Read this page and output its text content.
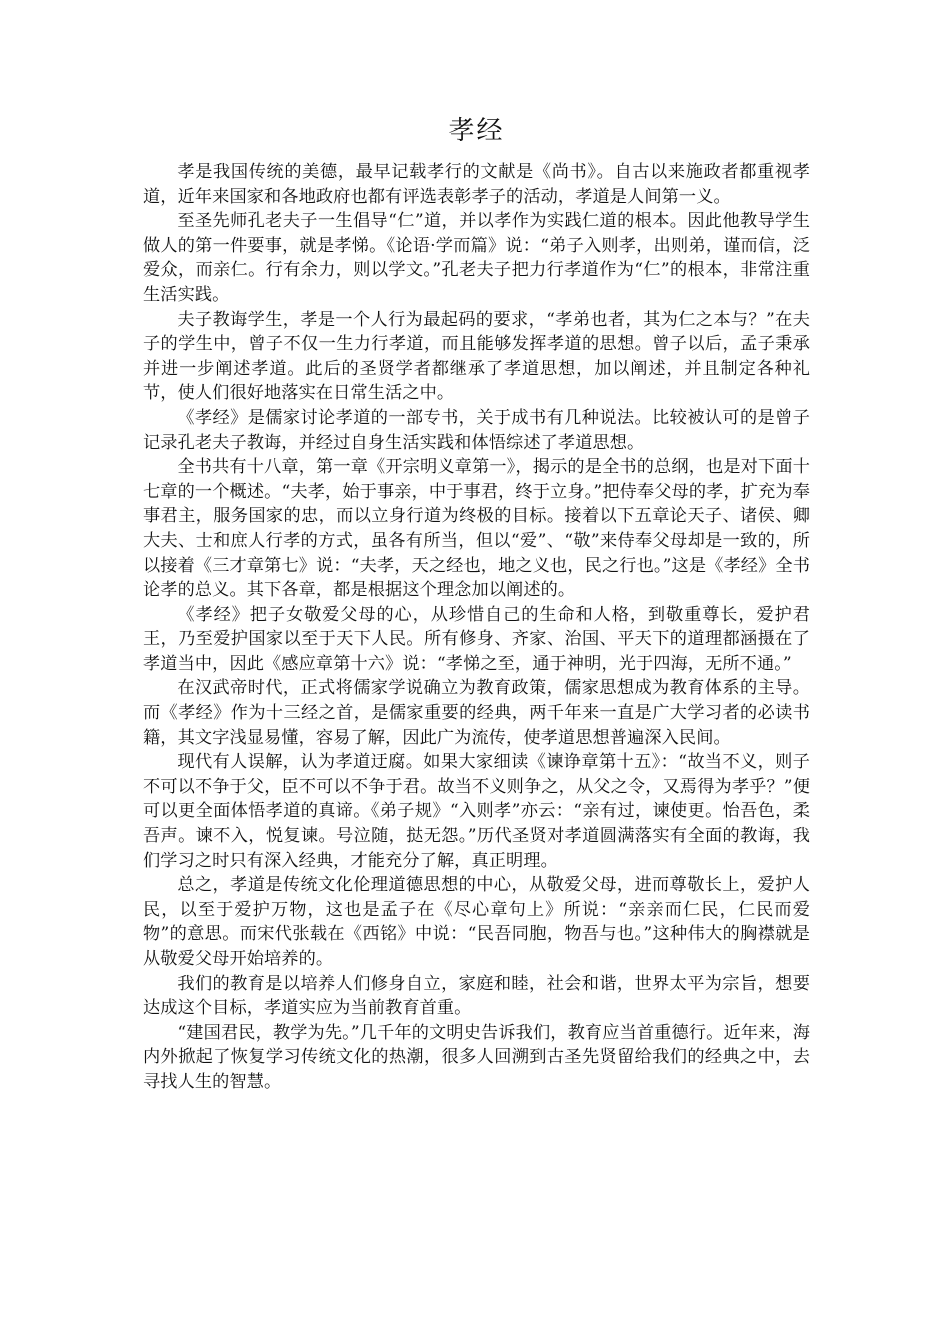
孝经

孝是我国传统的美德，最早记载孝行的文献是《尚书》。自古以来施政者都重视孝道，近年来国家和各地政府也都有评选表彰孝子的活动，孝道是人间第一义。

至圣先师孔老夫子一生倡导“仁”道，并以孝作为实践仁道的根本。因此他教导学生做人的第一件要事，就是孝悌。《论语·学而篇》说：“弟子入则孝，出则弟，谨而信，泛爱众，而亲仁。行有余力，则以学文。”孔老夫子把力行孝道作为“仁”的根本，非常注重生活实践。

夫子教诲学生，孝是一个人行为最起码的要求，“孝弟也者，其为仁之本与？”在夫子的学生中，曾子不仅一生力行孝道，而且能够发挥孝道的思想。曾子以后，孟子秉承并进一步阐述孝道。此后的圣贤学者都继承了孝道思想，加以阐述，并且制定各种礼节，使人们很好地落实在日常生活之中。

《孝经》是儒家讨论孝道的一部专书，关于成书有几种说法。比较被认可的是曾子记录孔老夫子教诲，并经过自身生活实践和体悟综述了孝道思想。

全书共有十八章，第一章《开宗明义章第一》，揭示的是全书的总纲，也是对下面十七章的一个概述。“夫孝，始于事亲，中于事君，终于立身。”把侍奉父母的孝，扩充为奉事君主，服务国家的忠，而以立身行道为终极的目标。接着以下五章论天子、诸侯、卿大夫、士和庶人行孝的方式，虽各有所当，但以“爱”、“敬”来侍奉父母却是一致的，所以接着《三才章第七》说：“夫孝，天之经也，地之义也，民之行也。”这是《孝经》全书论孝的总义。其下各章，都是根据这个理念加以阐述的。

《孝经》把子女敬爱父母的心，从珍惜自己的生命和人格，到敬重尊长，爱护君王，乃至爱护国家以至于天下人民。所有修身、齐家、治国、平天下的道理都涵摄在了孝道当中，因此《感应章第十六》说：“孝悌之至，通于神明，光于四海，无所不通。”

在汉武帝时代，正式将儒家学说确立为教育政策，儒家思想成为教育体系的主导。而《孝经》作为十三经之首，是儒家重要的经典，两千年来一直是广大学习者的必读书籍，其文字浅显易懂，容易了解，因此广为流传，使孝道思想普遍深入民间。

现代有人误解，认为孝道迂腐。如果大家细读《谏诤章第十五》：“故当不义，则子不可以不争于父，臣不可以不争于君。故当不义则争之，从父之令，又焉得为孝乎？”便可以更全面体悟孝道的真谛。《弟子规》“入则孝”亦云：“亲有过，谏使更。怡吾色，柔吾声。谏不入，悦复谏。号泣随，挞无怨。”历代圣贤对孝道圆满落实有全面的教诲，我们学习之时只有深入经典，才能充分了解，真正明理。

总之，孝道是传统文化伦理道德思想的中心，从敬爱父母，进而尊敬长上，爱护人民，以至于爱护万物，这也是孟子在《尽心章句上》所说：“亲亲而仁民，仁民而爱物”的意思。而宋代张载在《西铭》中说：“民吾同胞，物吾与也。”这种伟大的胸襟就是从敬爱父母开始培养的。

我们的教育是以培养人们修身自立，家庭和睦，社会和谐，世界太平为宗旨，想要达成这个目标，孝道实应为当前教育首重。

“建国君民，教学为先。”几千年的文明史告诉我们，教育应当首重德行。近年来，海内外掀起了恢复学习传统文化的热潮，很多人回溯到古圣先贤留给我们的经典之中，去寻找人生的智慧。
